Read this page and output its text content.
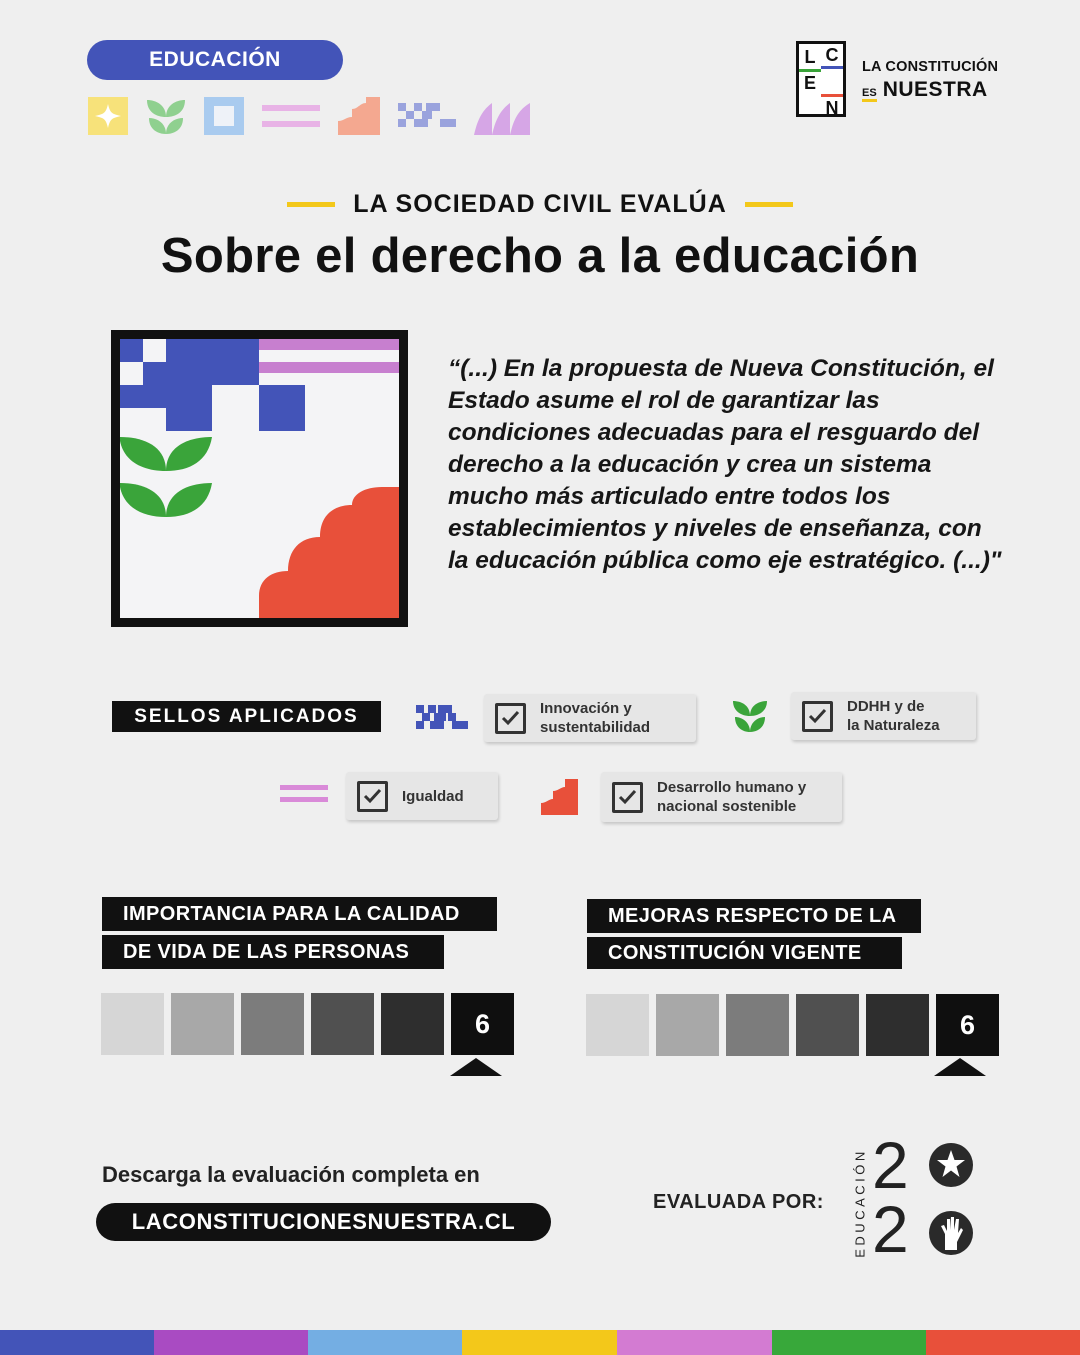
EDUCACIÓN	L C
E
N
LA CONSTITUCIÓN
ES NUESTRA
LA SOCIEDAD CIVIL EVALÚA
Sobre el derecho a la educación
“(...) En la propuesta de Nueva Constitución, el Estado asume el rol de garantizar las condiciones adecuadas para el resguardo del derecho a la educación y crea un sistema mucho más articulado entre todos los establecimientos y niveles de enseñanza, con la educación pública como eje estratégico. (...)"
SELLOS APLICADOS	Innovación y
sustentabilidad
DDHH y de
la Naturaleza
Igualdad	Desarrollo humano y
nacional sostenible
IMPORTANCIA PARA LA CALIDAD
DE VIDA DE LAS PERSONAS
6
MEJORAS RESPECTO DE LA
CONSTITUCIÓN VIGENTE
6
Descarga la evaluación completa en
LACONSTITUCIONESNUESTRA.CL
EVALUADA POR: EDUCACIÓN 2
2
